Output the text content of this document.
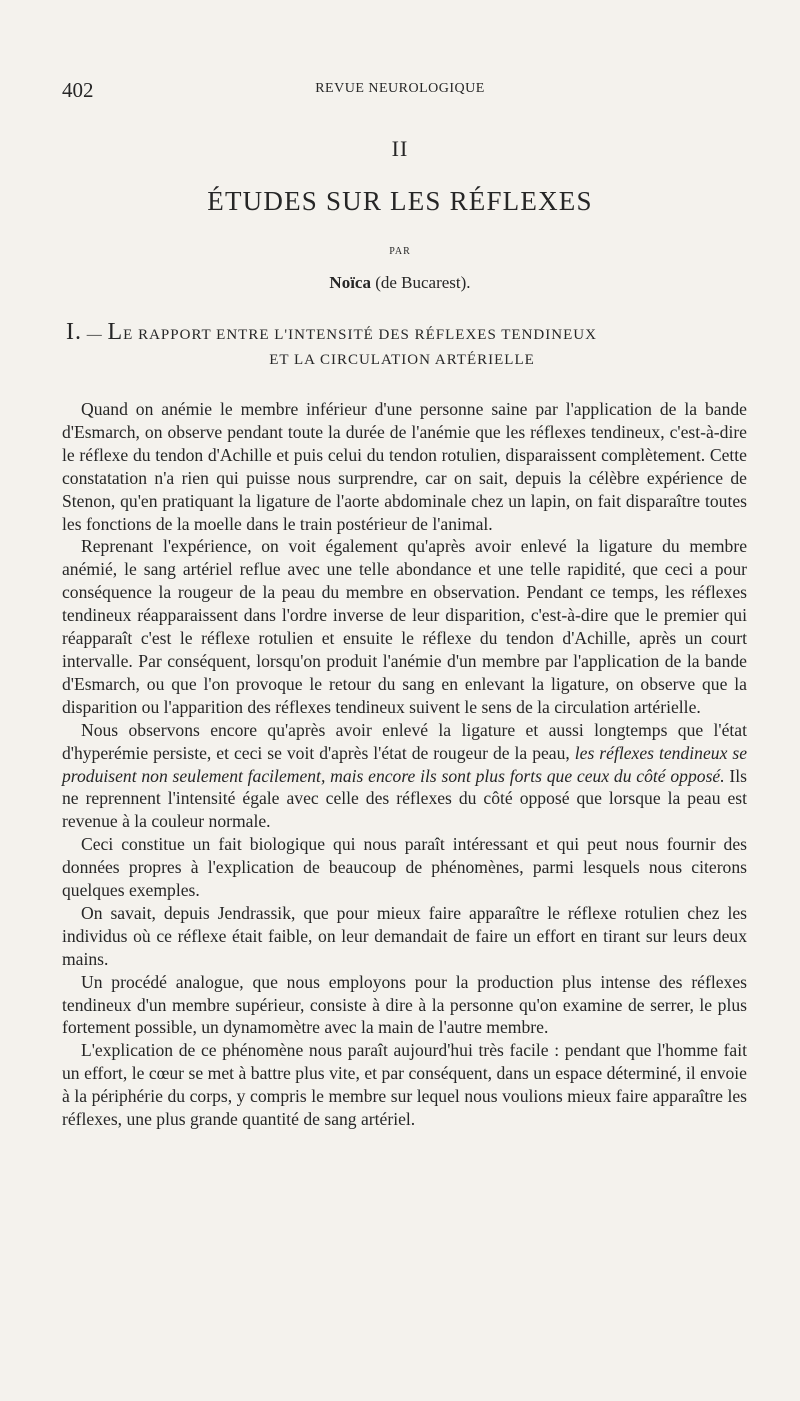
402	REVUE NEUROLOGIQUE
II
ÉTUDES SUR LES RÉFLEXES
PAR
Noïca (de Bucarest).
I. — LE RAPPORT ENTRE L'INTENSITÉ DES RÉFLEXES TENDINEUX
ET LA CIRCULATION ARTÉRIELLE

Quand on anémie le membre inférieur d'une personne saine par l'application de la bande d'Esmarch, on observe pendant toute la durée de l'anémie que les réflexes tendineux, c'est-à-dire le réflexe du tendon d'Achille et puis celui du tendon rotulien, disparaissent complètement. Cette constatation n'a rien qui puisse nous surprendre, car on sait, depuis la célèbre expérience de Stenon, qu'en pratiquant la ligature de l'aorte abdominale chez un lapin, on fait disparaître toutes les fonctions de la moelle dans le train postérieur de l'animal.

Reprenant l'expérience, on voit également qu'après avoir enlevé la ligature du membre anémié, le sang artériel reflue avec une telle abondance et une telle rapidité, que ceci a pour conséquence la rougeur de la peau du membre en observation. Pendant ce temps, les réflexes tendineux réapparaissent dans l'ordre inverse de leur disparition, c'est-à-dire que le premier qui réapparaît c'est le réflexe rotulien et ensuite le réflexe du tendon d'Achille, après un court intervalle. Par conséquent, lorsqu'on produit l'anémie d'un membre par l'application de la bande d'Esmarch, ou que l'on provoque le retour du sang en enlevant la ligature, on observe que la disparition ou l'apparition des réflexes tendineux suivent le sens de la circulation artérielle.

Nous observons encore qu'après avoir enlevé la ligature et aussi longtemps que l'état d'hyperémie persiste, et ceci se voit d'après l'état de rougeur de la peau, les réflexes tendineux se produisent non seulement facilement, mais encore ils sont plus forts que ceux du côté opposé. Ils ne reprennent l'intensité égale avec celle des réflexes du côté opposé que lorsque la peau est revenue à la couleur normale.

Ceci constitue un fait biologique qui nous paraît intéressant et qui peut nous fournir des données propres à l'explication de beaucoup de phénomènes, parmi lesquels nous citerons quelques exemples.

On savait, depuis Jendrassik, que pour mieux faire apparaître le réflexe rotulien chez les individus où ce réflexe était faible, on leur demandait de faire un effort en tirant sur leurs deux mains.

Un procédé analogue, que nous employons pour la production plus intense des réflexes tendineux d'un membre supérieur, consiste à dire à la personne qu'on examine de serrer, le plus fortement possible, un dynamomètre avec la main de l'autre membre.

L'explication de ce phénomène nous paraît aujourd'hui très facile : pendant que l'homme fait un effort, le cœur se met à battre plus vite, et par conséquent, dans un espace déterminé, il envoie à la périphérie du corps, y compris le membre sur lequel nous voulions mieux faire apparaître les réflexes, une plus grande quantité de sang artériel.
